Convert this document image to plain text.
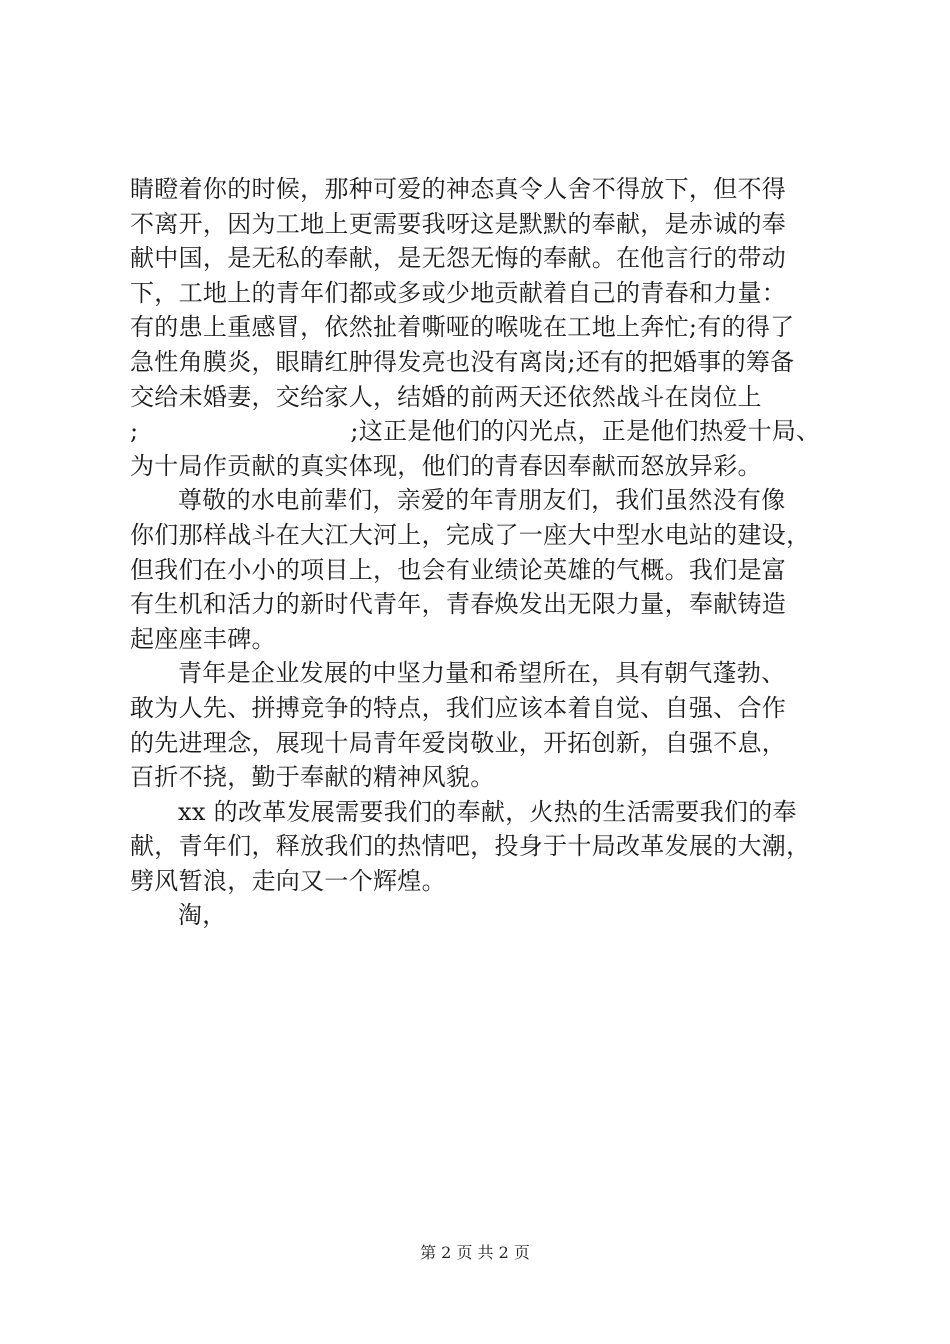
睛瞪着你的时候，那种可爱的神态真令人舍不得放下，但不得
不离开，因为工地上更需要我呀这是默默的奉献，是赤诚的奉
献中国，是无私的奉献，是无怨无悔的奉献。在他言行的带动
下，工地上的青年们都或多或少地贡献着自己的青春和力量：
有的患上重感冒，依然扯着嘶哑的喉咙在工地上奔忙;有的得了
急性角膜炎，眼睛红肿得发亮也没有离岗;还有的把婚事的筹备
交给未婚妻，交给家人，结婚的前两天还依然战斗在岗位上
;	;这正是他们的闪光点，正是他们热爱十局、
为十局作贡献的真实体现，他们的青春因奉献而怒放异彩。
尊敬的水电前辈们，亲爱的年青朋友们，我们虽然没有像
你们那样战斗在大江大河上，完成了一座大中型水电站的建设，
但我们在小小的项目上，也会有业绩论英雄的气概。我们是富
有生机和活力的新时代青年，青春焕发出无限力量，奉献铸造
起座座丰碑。
青年是企业发展的中坚力量和希望所在，具有朝气蓬勃、
敢为人先、拼搏竞争的特点，我们应该本着自觉、自强、合作
的先进理念，展现十局青年爱岗敬业，开拓创新，自强不息，
百折不挠，勤于奉献的精神风貌。
xx 的改革发展需要我们的奉献，火热的生活需要我们的奉
献，青年们，释放我们的热情吧，投身于十局改革发展的大潮，
劈风暂浪，走向又一个辉煌。
淘，
第 2 页 共 2 页
